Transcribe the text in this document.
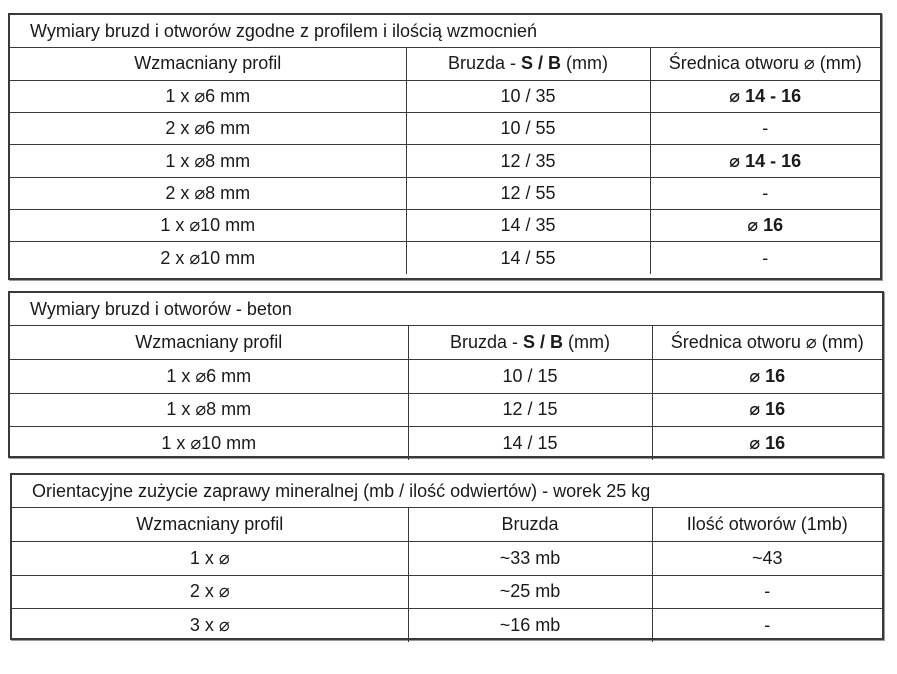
Wymiary bruzd i otworów zgodne z profilem i ilością wzmocnień
Wzmacniany profil	Bruzda - S / B (mm)	Średnica otworu ⌀ (mm)
1 x ⌀6 mm	10 / 35	⌀ 14 - 16
2 x ⌀6 mm	10 / 55	-
1 x ⌀8 mm	12 / 35	⌀ 14 - 16
2 x ⌀8 mm	12 / 55	-
1 x ⌀10 mm	14 / 35	⌀ 16
2 x ⌀10 mm	14 / 55	-
Wymiary bruzd i otworów - beton
Wzmacniany profil	Bruzda - S / B (mm)	Średnica otworu ⌀ (mm)
1 x ⌀6 mm	10 / 15	⌀ 16
1 x ⌀8 mm	12 / 15	⌀ 16
1 x ⌀10 mm	14 / 15	⌀ 16
Orientacyjne zużycie zaprawy mineralnej (mb / ilość odwiertów) - worek 25 kg
Wzmacniany profil	Bruzda	Ilość otworów (1mb)
1 x ⌀	~33 mb	~43
2 x ⌀	~25 mb	-
3 x ⌀	~16 mb	-
